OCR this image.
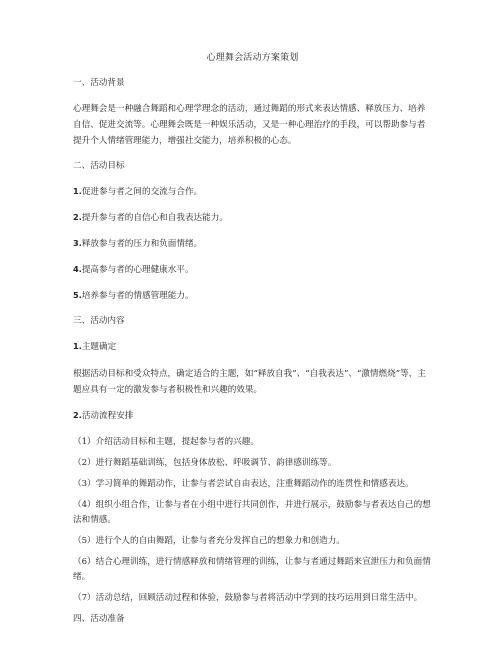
心理舞会活动方案策划
一、活动背景
心理舞会是一种融合舞蹈和心理学理念的活动，通过舞蹈的形式来表达情感、释放压力、培养自信、促进交流等。心理舞会既是一种娱乐活动，又是一种心理治疗的手段，可以帮助参与者提升个人情绪管理能力，增强社交能力，培养积极的心态。
二、活动目标
1.促进参与者之间的交流与合作。
2.提升参与者的自信心和自我表达能力。
3.释放参与者的压力和负面情绪。
4.提高参与者的心理健康水平。
5.培养参与者的情感管理能力。
三、活动内容
1.主题确定
根据活动目标和受众特点，确定适合的主题，如“释放自我”、“自我表达”、“激情燃烧”等，主题应具有一定的激发参与者积极性和兴趣的效果。
2.活动流程安排
（1）介绍活动目标和主题，提起参与者的兴趣。
（2）进行舞蹈基础训练，包括身体放松、呼吸调节、韵律感训练等。
（3）学习简单的舞蹈动作，让参与者尝试自由表达，注重舞蹈动作的连贯性和情感表达。
（4）组织小组合作，让参与者在小组中进行共同创作，并进行展示，鼓励参与者表达自己的想法和情感。
（5）进行个人的自由舞蹈，让参与者充分发挥自己的想象力和创造力。
（6）结合心理训练，进行情感释放和情绪管理的训练，让参与者通过舞蹈来宣泄压力和负面情绪。
（7）活动总结，回顾活动过程和体验，鼓励参与者将活动中学到的技巧运用到日常生活中。
四、活动准备
